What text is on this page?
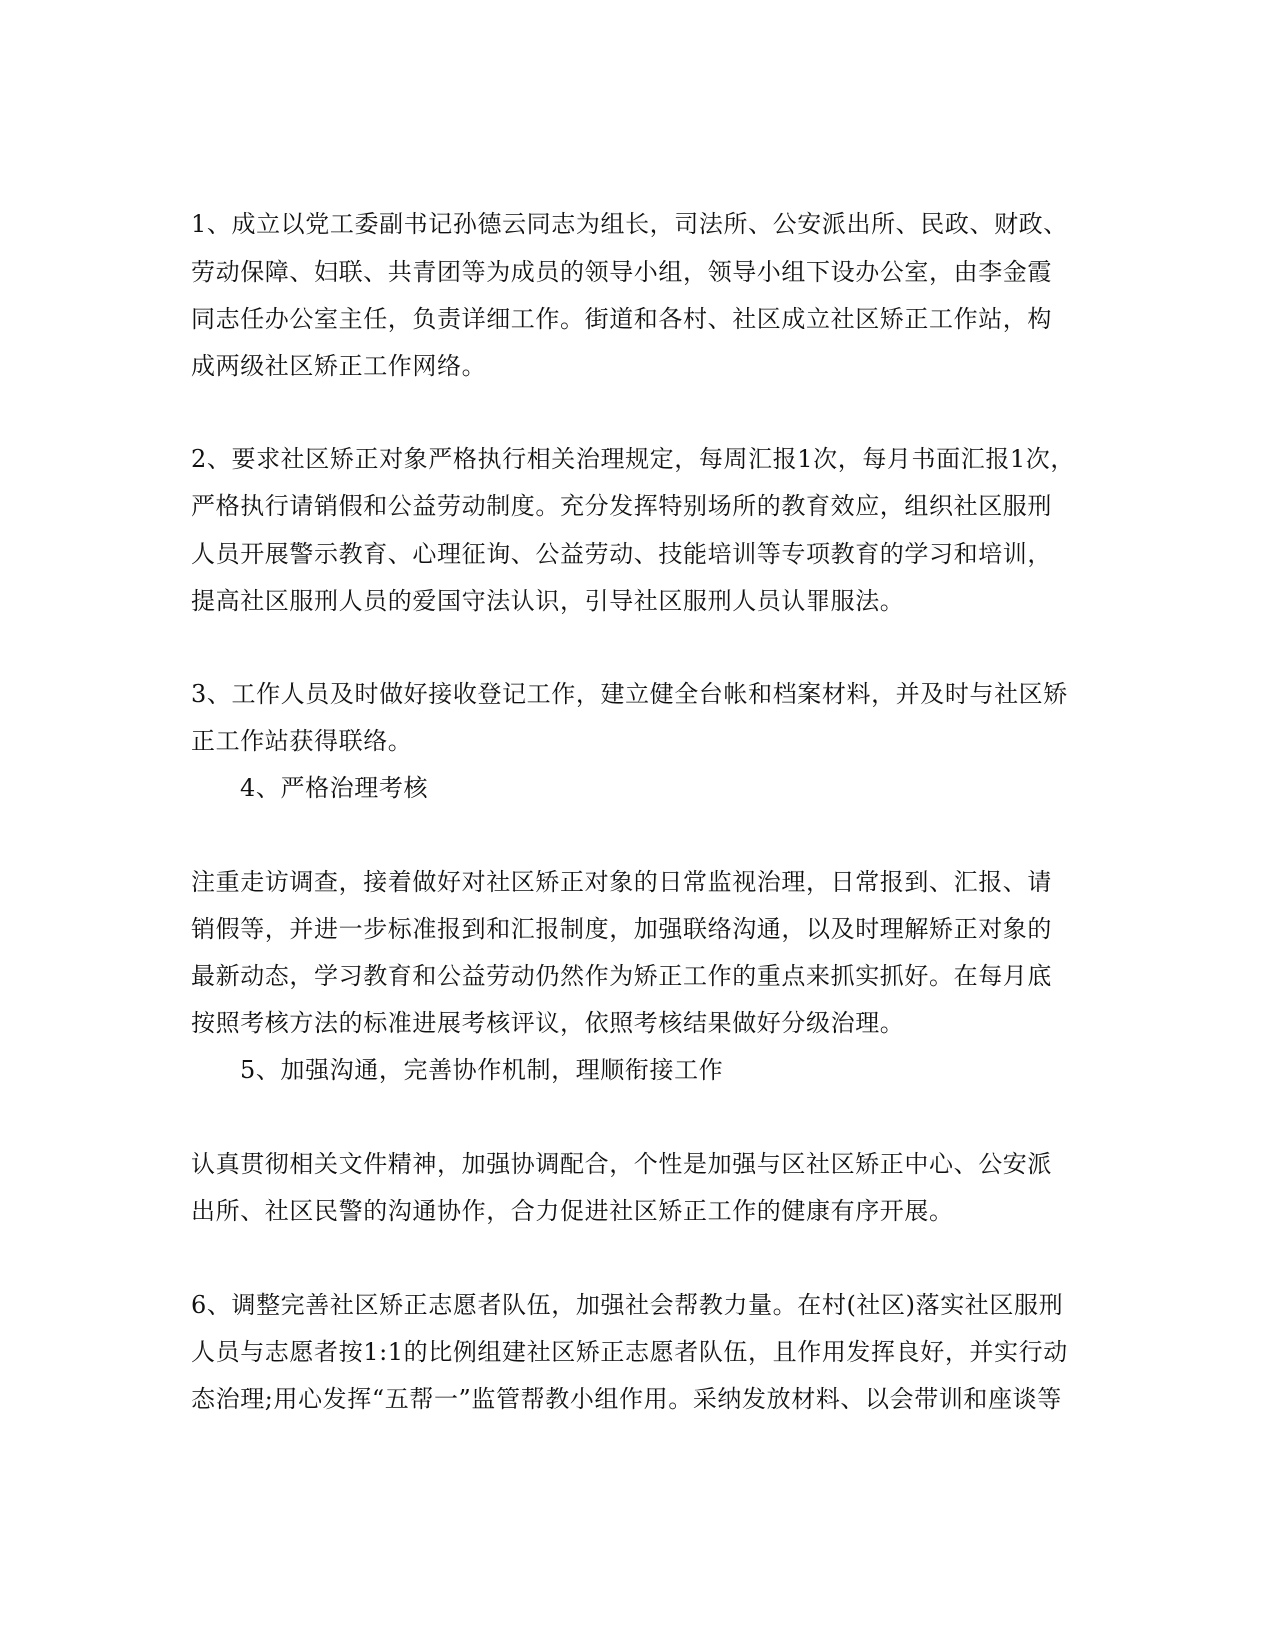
1、成立以党工委副书记孙德云同志为组长，司法所、公安派出所、民政、财政、
劳动保障、妇联、共青团等为成员的领导小组，领导小组下设办公室，由李金霞
同志任办公室主任，负责详细工作。街道和各村、社区成立社区矫正工作站，构
成两级社区矫正工作网络。
2、要求社区矫正对象严格执行相关治理规定，每周汇报1次，每月书面汇报1次，
严格执行请销假和公益劳动制度。充分发挥特别场所的教育效应，组织社区服刑
人员开展警示教育、心理征询、公益劳动、技能培训等专项教育的学习和培训，
提高社区服刑人员的爱国守法认识，引导社区服刑人员认罪服法。
3、工作人员及时做好接收登记工作，建立健全台帐和档案材料，并及时与社区矫
正工作站获得联络。
4、严格治理考核
注重走访调查，接着做好对社区矫正对象的日常监视治理，日常报到、汇报、请
销假等，并进一步标准报到和汇报制度，加强联络沟通，以及时理解矫正对象的
最新动态，学习教育和公益劳动仍然作为矫正工作的重点来抓实抓好。在每月底
按照考核方法的标准进展考核评议，依照考核结果做好分级治理。
5、加强沟通，完善协作机制，理顺衔接工作
认真贯彻相关文件精神，加强协调配合，个性是加强与区社区矫正中心、公安派
出所、社区民警的沟通协作，合力促进社区矫正工作的健康有序开展。
6、调整完善社区矫正志愿者队伍，加强社会帮教力量。在村(社区)落实社区服刑
人员与志愿者按1:1的比例组建社区矫正志愿者队伍，且作用发挥良好，并实行动
态治理;用心发挥“五帮一”监管帮教小组作用。采纳发放材料、以会带训和座谈等
